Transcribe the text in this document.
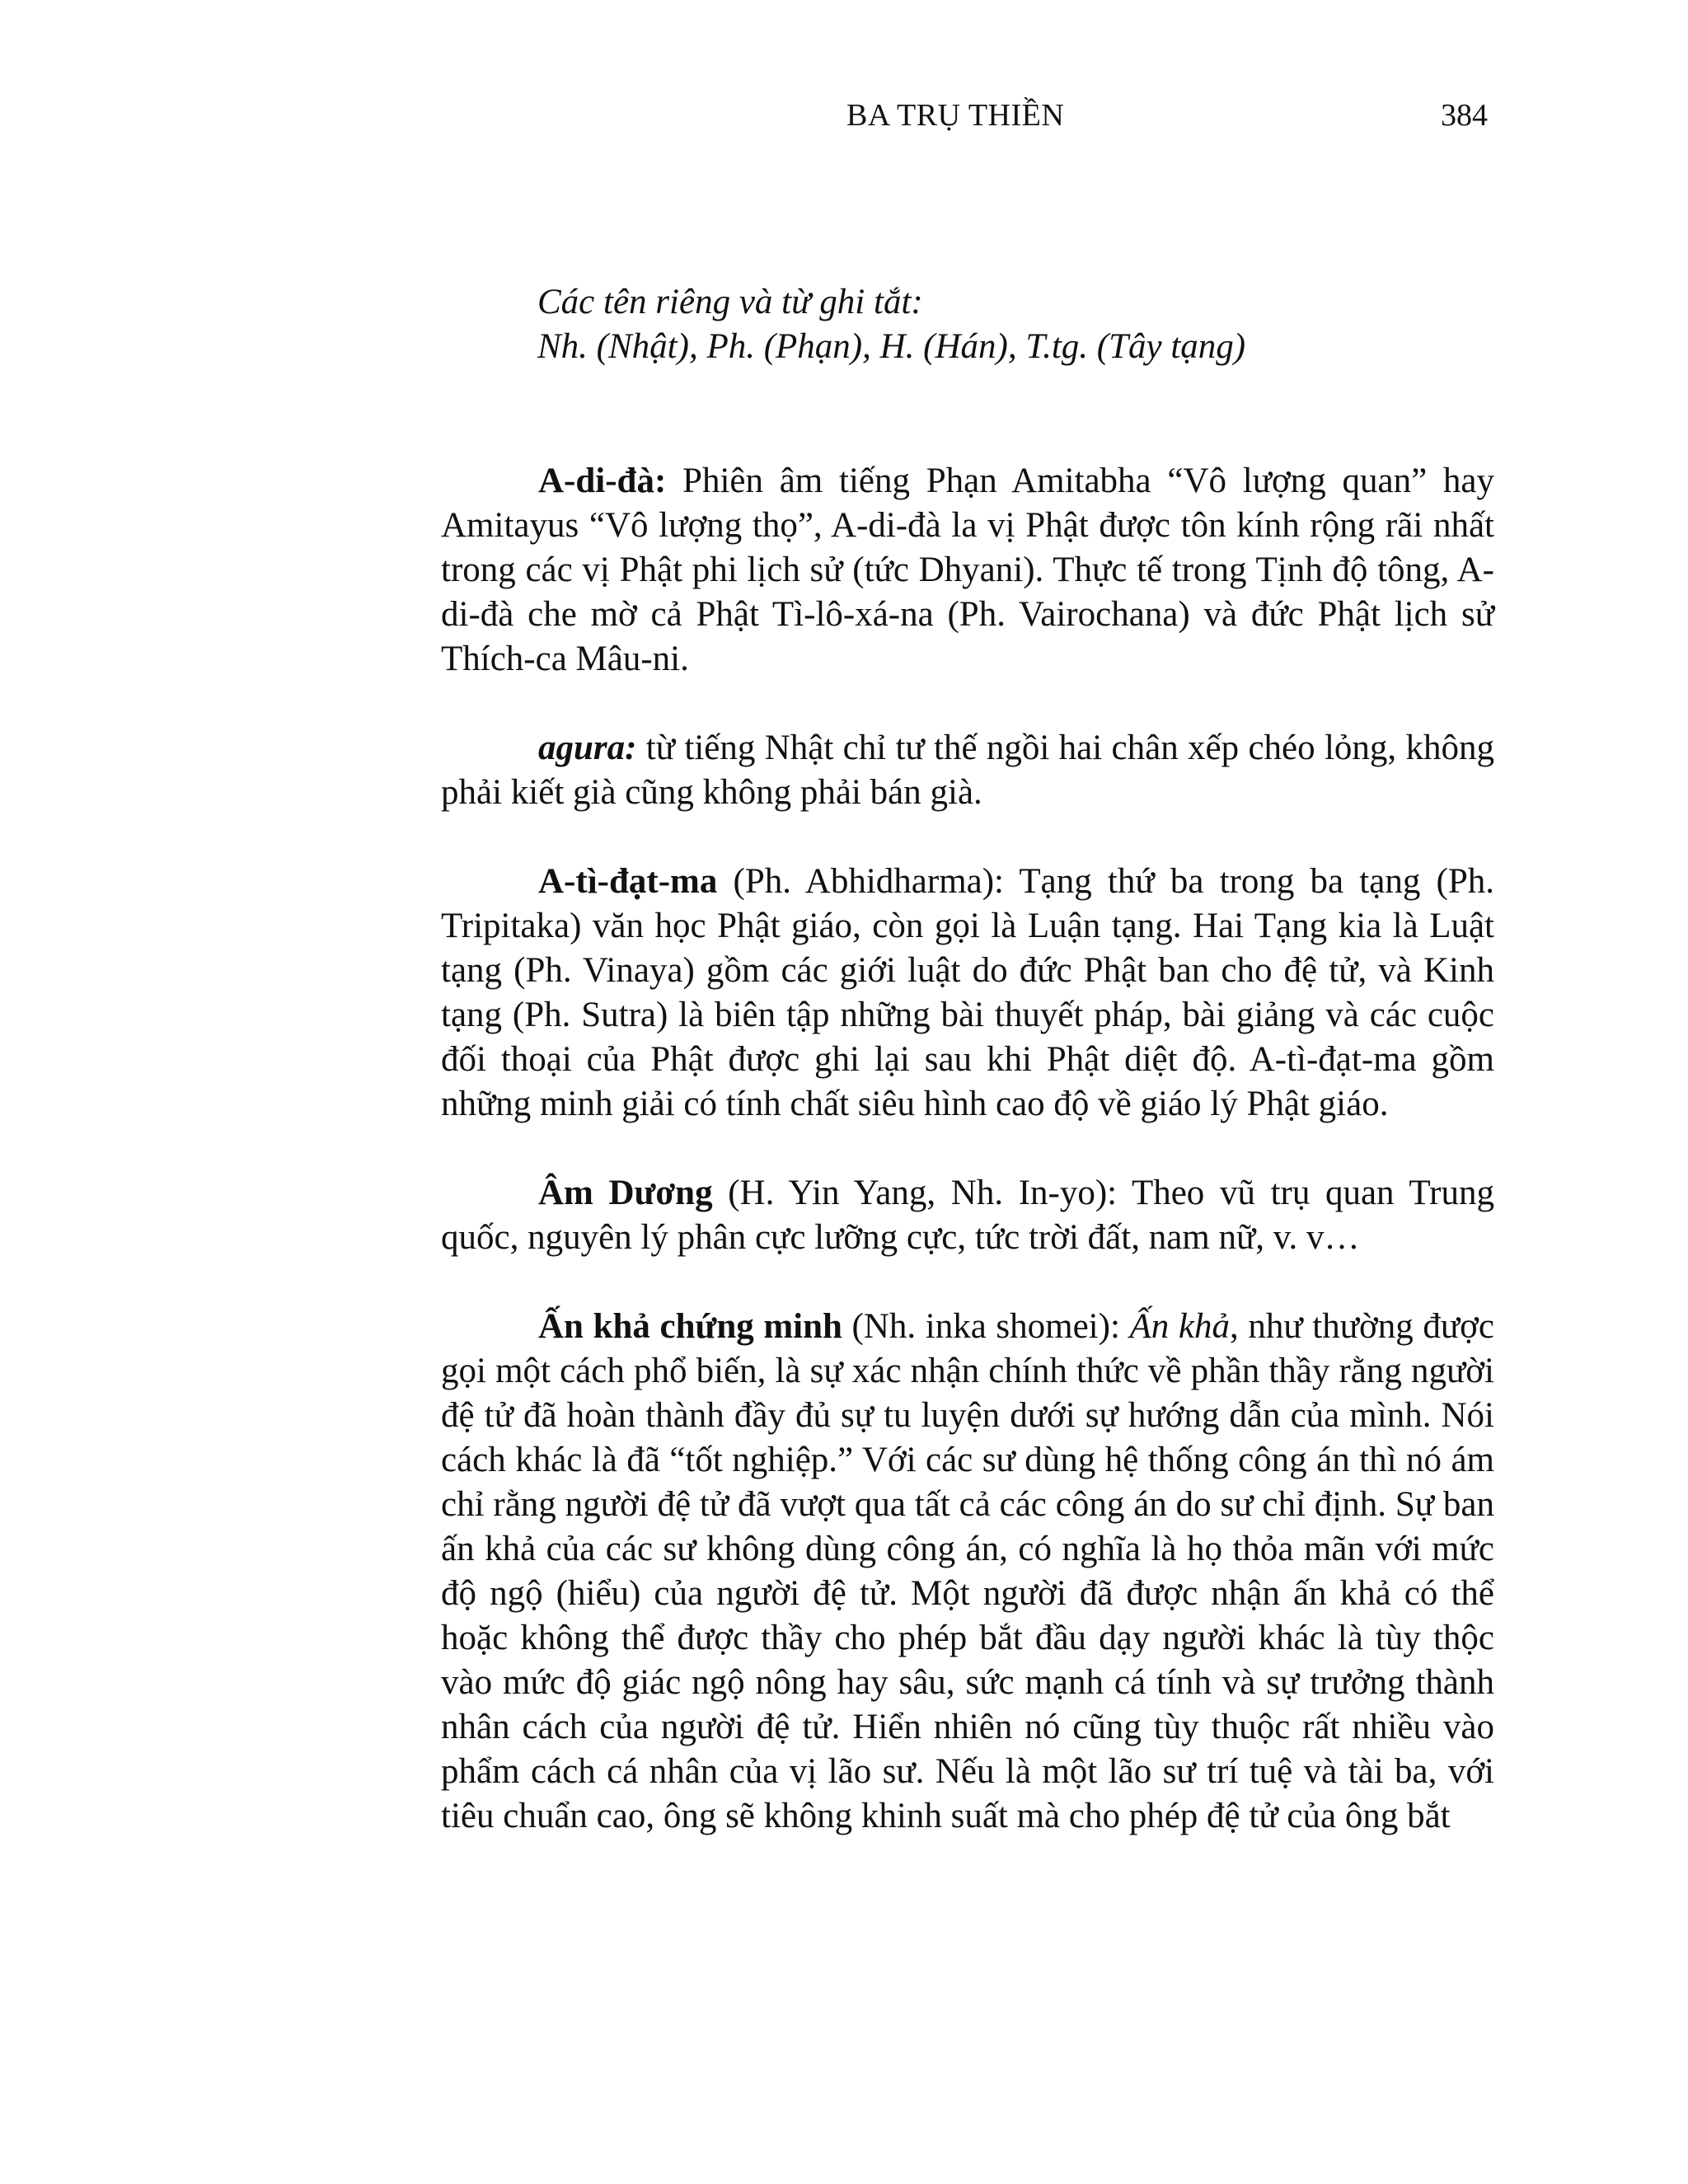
BA TRỤ THIỀN	384
Các tên riêng và từ ghi tắt:
Nh. (Nhật), Ph. (Phạn), H. (Hán), T.tg. (Tây tạng)

A-di-đà: Phiên âm tiếng Phạn Amitabha “Vô lượng quan” hay Amitayus “Vô lượng thọ”, A-di-đà la vị Phật được tôn kính rộng rãi nhất trong các vị Phật phi lịch sử (tức Dhyani). Thực tế trong Tịnh độ tông, A-di-đà che mờ cả Phật Tì-lô-xá-na (Ph. Vairochana) và đức Phật lịch sử Thích-ca Mâu-ni.

agura: từ tiếng Nhật chỉ tư thế ngồi hai chân xếp chéo lỏng, không phải kiết già cũng không phải bán già.

A-tì-đạt-ma (Ph. Abhidharma): Tạng thứ ba trong ba tạng (Ph. Tripitaka) văn học Phật giáo, còn gọi là Luận tạng. Hai Tạng kia là Luật tạng (Ph. Vinaya) gồm các giới luật do đức Phật ban cho đệ tử, và Kinh tạng (Ph. Sutra) là biên tập những bài thuyết pháp, bài giảng và các cuộc đối thoại của Phật được ghi lại sau khi Phật diệt độ. A-tì-đạt-ma gồm những minh giải có tính chất siêu hình cao độ về giáo lý Phật giáo.

Âm Dương (H. Yin Yang, Nh. In-yo): Theo vũ trụ quan Trung quốc, nguyên lý phân cực lưỡng cực, tức trời đất, nam nữ, v. v…

Ấn khả chứng minh (Nh. inka shomei): Ấn khả, như thường được gọi một cách phổ biến, là sự xác nhận chính thức về phần thầy rằng người đệ tử đã hoàn thành đầy đủ sự tu luyện dưới sự hướng dẫn của mình. Nói cách khác là đã “tốt nghiệp.” Với các sư dùng hệ thống công án thì nó ám chỉ rằng người đệ tử đã vượt qua tất cả các công án do sư chỉ định. Sự ban ấn khả của các sư không dùng công án, có nghĩa là họ thỏa mãn với mức độ ngộ (hiểu) của người đệ tử. Một người đã được nhận ấn khả có thể hoặc không thể được thầy cho phép bắt đầu dạy người khác là tùy thộc vào mức độ giác ngộ nông hay sâu, sức mạnh cá tính và sự trưởng thành nhân cách của người đệ tử. Hiển nhiên nó cũng tùy thuộc rất nhiều vào phẩm cách cá nhân của vị lão sư. Nếu là một lão sư trí tuệ và tài ba, với tiêu chuẩn cao, ông sẽ không khinh suất mà cho phép đệ tử của ông bắt
